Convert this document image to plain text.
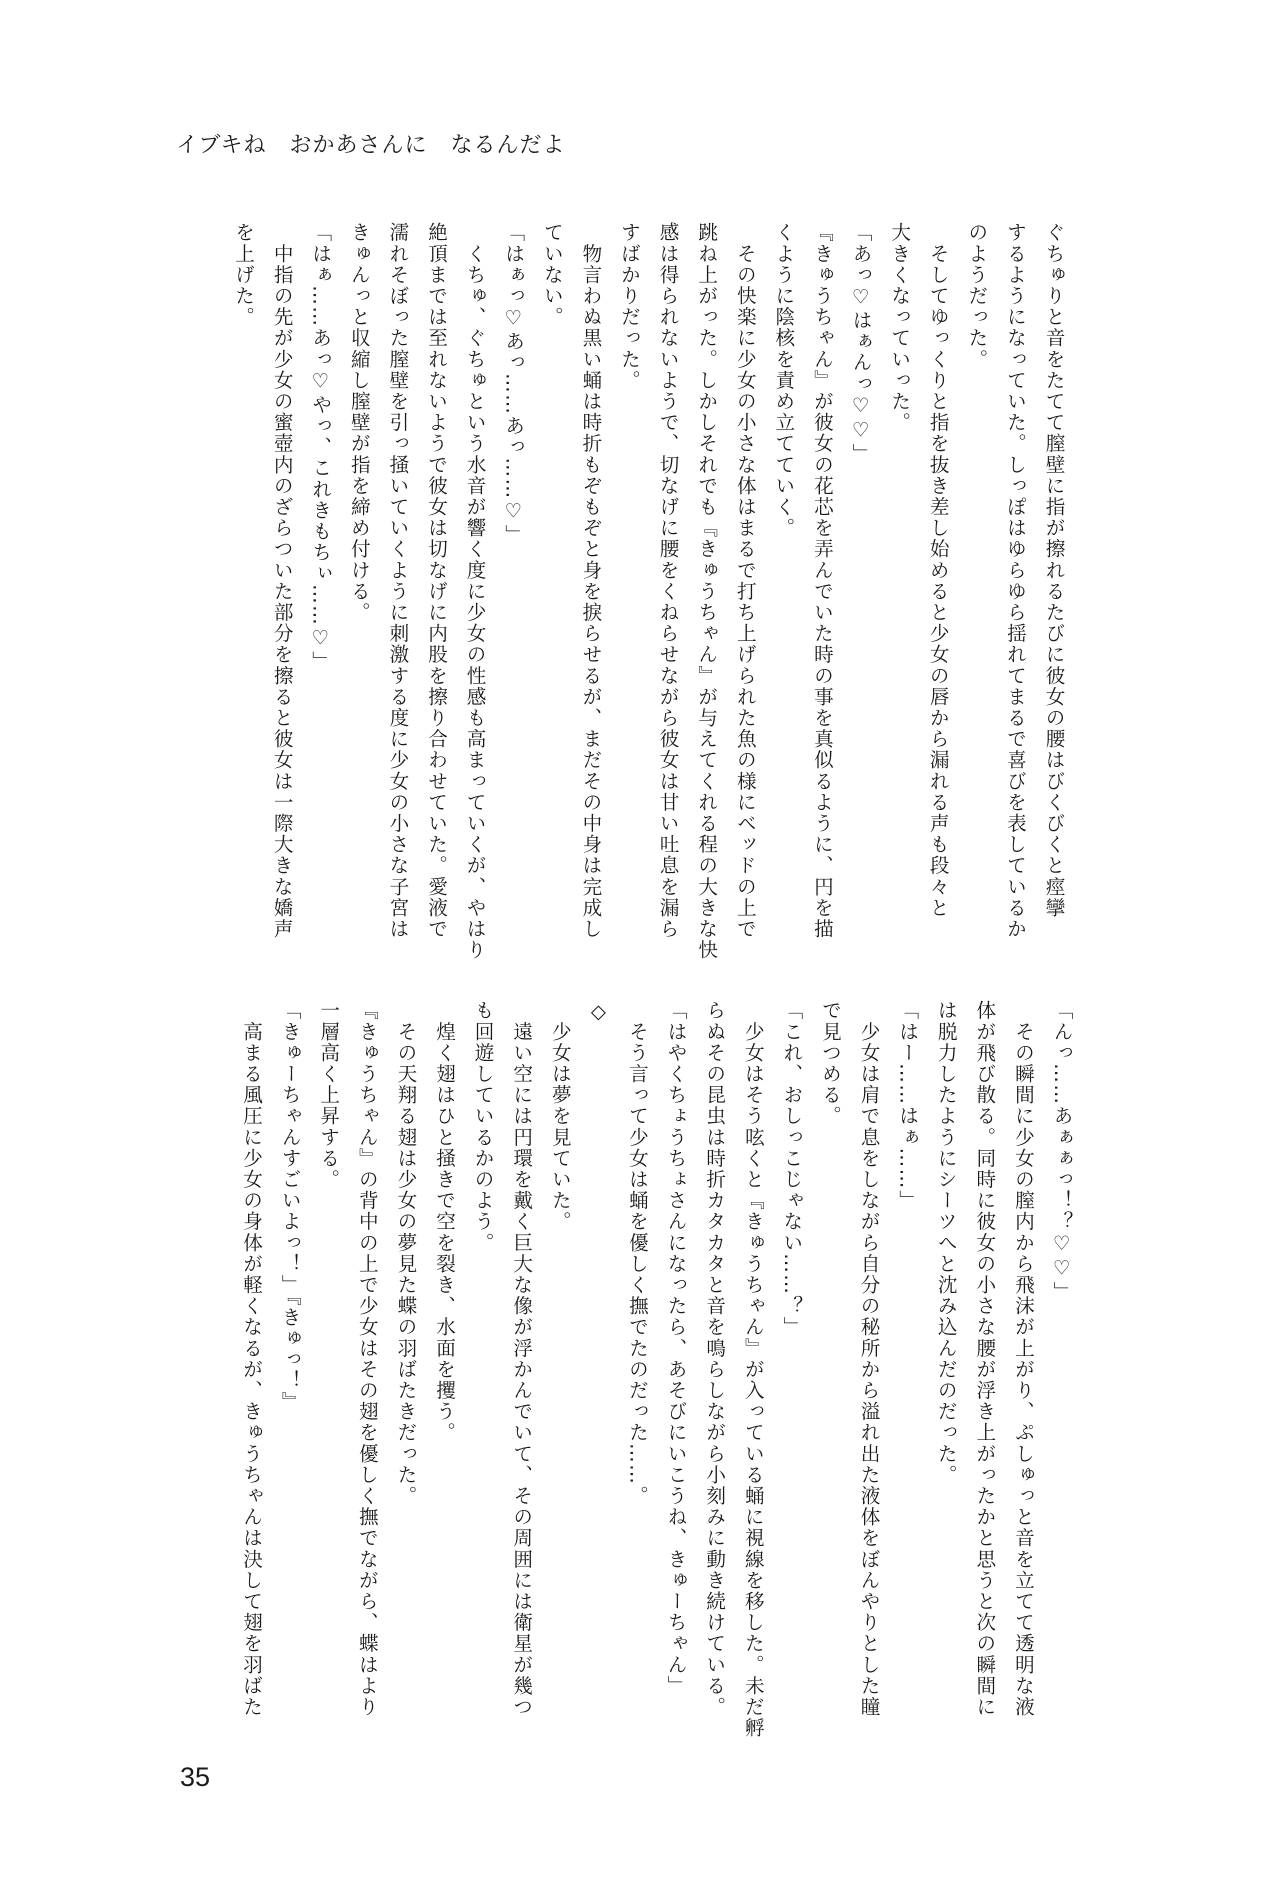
イブキね　おかあさんに　なるんだよ

ぐちゅりと音をたてて膣壁に指が擦れるたびに彼女の腰はびくびくと痙攣

するようになっていた。しっぽはゆらゆら揺れてまるで喜びを表しているか

のようだった。

　そしてゆっくりと指を抜き差し始めると少女の唇から漏れる声も段々と

大きくなっていった。

「あっ♡はぁんっ♡♡」

『きゅうちゃん』が彼女の花芯を弄んでいた時の事を真似るように、円を描

くように陰核を責め立てていく。

　その快楽に少女の小さな体はまるで打ち上げられた魚の様にベッドの上で

跳ね上がった。しかしそれでも『きゅうちゃん』が与えてくれる程の大きな快

感は得られないようで、切なげに腰をくねらせながら彼女は甘い吐息を漏ら

すばかりだった。

　物言わぬ黒い蛹は時折もぞもぞと身を捩らせるが、まだその中身は完成し

ていない。

「はぁっ♡あっ……あっ……♡」

　くちゅ、ぐちゅという水音が響く度に少女の性感も高まっていくが、やはり

絶頂までは至れないようで彼女は切なげに内股を擦り合わせていた。愛液で

濡れそぼった膣壁を引っ掻いていくように刺激する度に少女の小さな子宮は

きゅんっと収縮し膣壁が指を締め付ける。

「はぁ……あっ♡やっ、これきもちぃ……♡」

　中指の先が少女の蜜壺内のざらついた部分を擦ると彼女は一際大きな嬌声

を上げた。

「んっ……あぁぁっ！？♡♡」

　その瞬間に少女の膣内から飛沫が上がり、ぷしゅっと音を立てて透明な液

体が飛び散る。同時に彼女の小さな腰が浮き上がったかと思うと次の瞬間に

は脱力したようにシーツへと沈み込んだのだった。

「はー……はぁ……」

　少女は肩で息をしながら自分の秘所から溢れ出た液体をぼんやりとした瞳

で見つめる。

「これ、おしっこじゃない……？」

　少女はそう呟くと『きゅうちゃん』が入っている蛹に視線を移した。未だ孵

らぬその昆虫は時折カタカタと音を鳴らしながら小刻みに動き続けている。

「はやくちょうちょさんになったら、あそびにいこうね、きゅーちゃん」

　そう言って少女は蛹を優しく撫でたのだった……。

◇

　少女は夢を見ていた。

　遠い空には円環を戴く巨大な像が浮かんでいて、その周囲には衛星が幾つ

も回遊しているかのよう。

　煌く翅はひと掻きで空を裂き、水面を攫う。

　その天翔る翅は少女の夢見た蝶の羽ばたきだった。

『きゅうちゃん』の背中の上で少女はその翅を優しく撫でながら、蝶はより

一層高く上昇する。

「きゅーちゃんすごいよっ！」『きゅっ！』

　高まる風圧に少女の身体が軽くなるが、きゅうちゃんは決して翅を羽ばた

35
